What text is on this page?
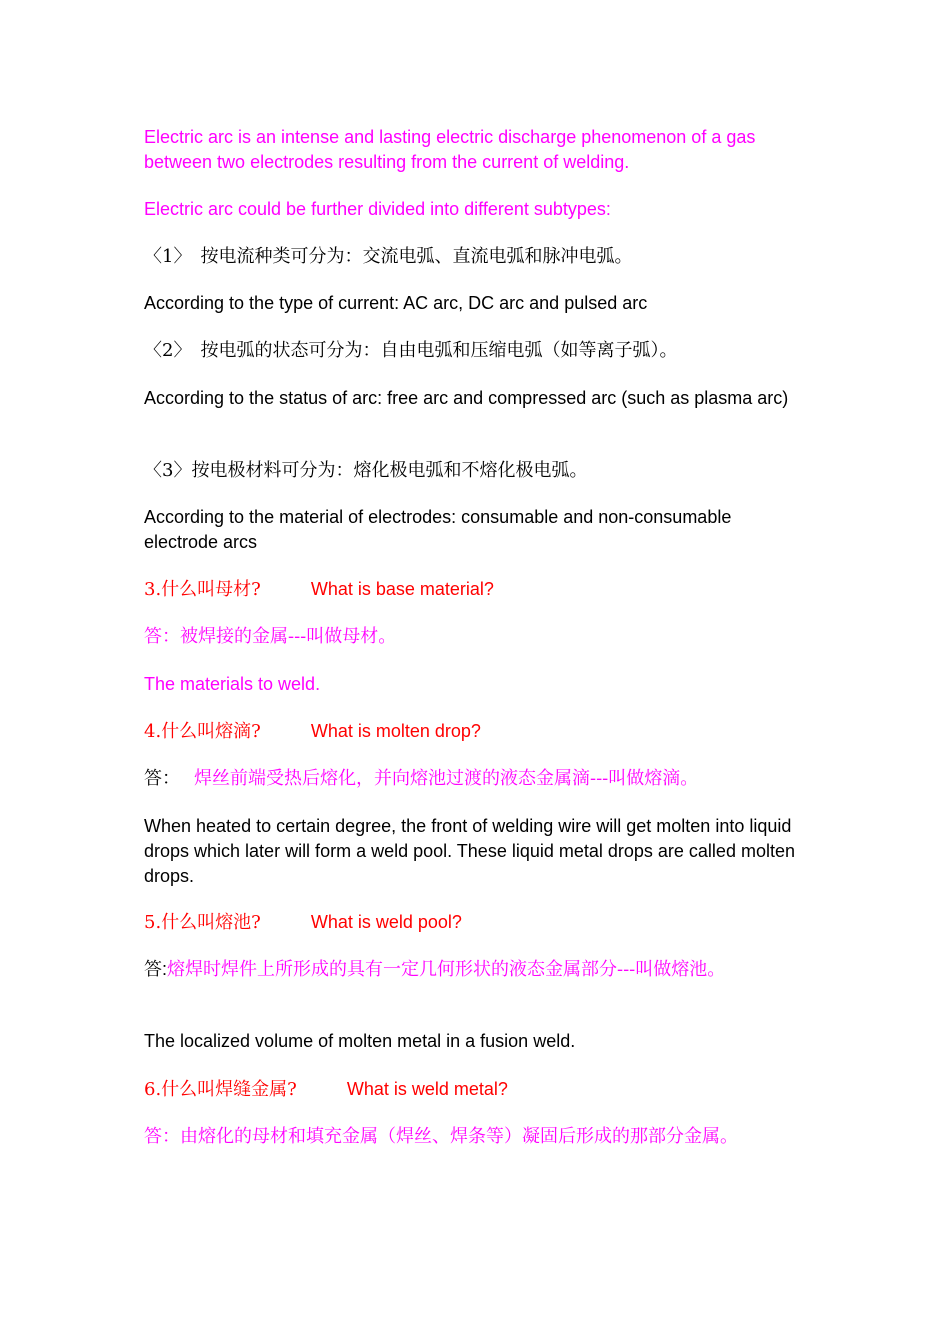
Electric arc is an intense and lasting electric discharge phenomenon of a gas between two electrodes resulting from the current of welding.
Electric arc could be further divided into different subtypes:
〈1〉　按电流种类可分为：交流电弧、直流电弧和脉冲电弧。
According to the type of current: AC arc, DC arc and pulsed arc
〈2〉　按电弧的状态可分为：自由电弧和压缩电弧（如等离子弧）。
According to the status of arc: free arc and compressed arc (such as plasma arc)
〈3〉按电极材料可分为：熔化极电弧和不熔化极电弧。
According to the material of electrodes: consumable and non-consumable electrode arcs
3.什么叫母材?	What is base material?
答：被焊接的金属---叫做母材。
The materials to weld.
4.什么叫熔滴?	What is molten drop?
答： 焊丝前端受热后熔化，并向熔池过渡的液态金属滴---叫做熔滴。
When heated to certain degree, the front of welding wire will get molten into liquid drops which later will form a weld pool. These liquid metal drops are called molten drops.
5.什么叫熔池?	What is weld pool?
答:熔焊时焊件上所形成的具有一定几何形状的液态金属部分---叫做熔池。
The localized volume of molten metal in a fusion weld.
6.什么叫焊缝金属?	What is weld metal?
答：由熔化的母材和填充金属（焊丝、焊条等）凝固后形成的那部分金属。
